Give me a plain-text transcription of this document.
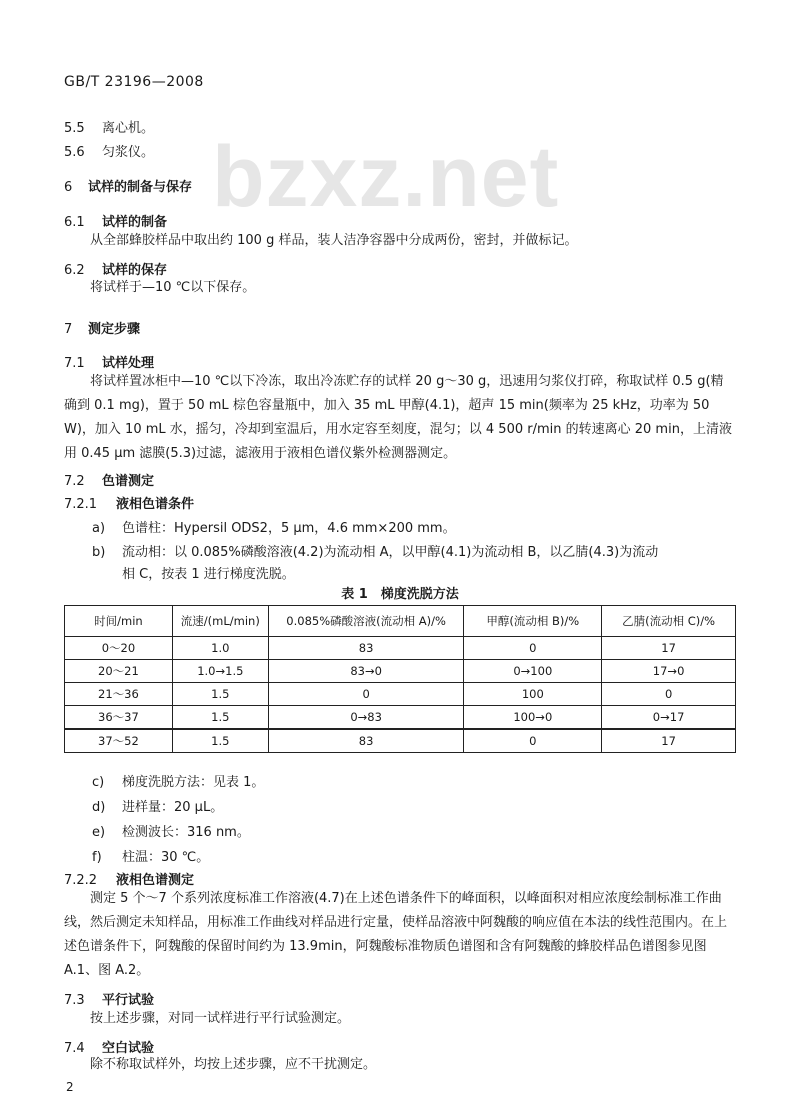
GB/T 23196—2008
bzxz.net
5.5 离心机。
5.6 匀浆仪。
6 试样的制备与保存
6.1 试样的制备
从全部蜂胶样品中取出约 100 g 样品，装人洁净容器中分成两份，密封，并做标记。
6.2 试样的保存
将试样于—10 ℃以下保存。
7 测定步骤
7.1 试样处理
将试样置冰柜中—10 ℃以下冷冻，取出冷冻贮存的试样 20 g～30 g，迅速用匀浆仪打碎，称取试样 0.5 g(精确到 0.1 mg)，置于 50 mL 棕色容量瓶中，加入 35 mL 甲醇(4.1)，超声 15 min(频率为 25 kHz，功率为 50 W)，加入 10 mL 水，摇匀，冷却到室温后，用水定容至刻度，混匀；以 4 500 r/min 的转速离心 20 min，上清液用 0.45 μm 滤膜(5.3)过滤，滤液用于液相色谱仪紫外检测器测定。
7.2 色谱测定
7.2.1 液相色谱条件
a) 色谱柱：Hypersil ODS2，5 μm，4.6 mm×200 mm。
b) 流动相：以 0.085%磷酸溶液(4.2)为流动相 A，以甲醇(4.1)为流动相 B，以乙腈(4.3)为流动
相 C，按表 1 进行梯度洗脱。
表 1　梯度洗脱方法
时间/min	流速/(mL/min)	0.085%磷酸溶液(流动相 A)/%	甲醇(流动相 B)/%	乙腈(流动相 C)/%
0～20	1.0	83	0	17
20～21	1.0→1.5	83→0	0→100	17→0
21～36	1.5	0	100	0
36～37	1.5	0→83	100→0	0→17
37～52	1.5	83	0	17
c) 梯度洗脱方法：见表 1。
d) 进样量：20 μL。
e) 检测波长：316 nm。
f) 柱温：30 ℃。
7.2.2 液相色谱测定
测定 5 个～7 个系列浓度标准工作溶液(4.7)在上述色谱条件下的峰面积，以峰面积对相应浓度绘制标准工作曲线，然后测定未知样品，用标准工作曲线对样品进行定量，使样品溶液中阿魏酸的响应值在本法的线性范围内。在上述色谱条件下，阿魏酸的保留时间约为 13.9min，阿魏酸标准物质色谱图和含有阿魏酸的蜂胶样品色谱图参见图 A.1、图 A.2。
7.3 平行试验
按上述步骤，对同一试样进行平行试验测定。
7.4 空白试验
除不称取试样外，均按上述步骤，应不干扰测定。
2
